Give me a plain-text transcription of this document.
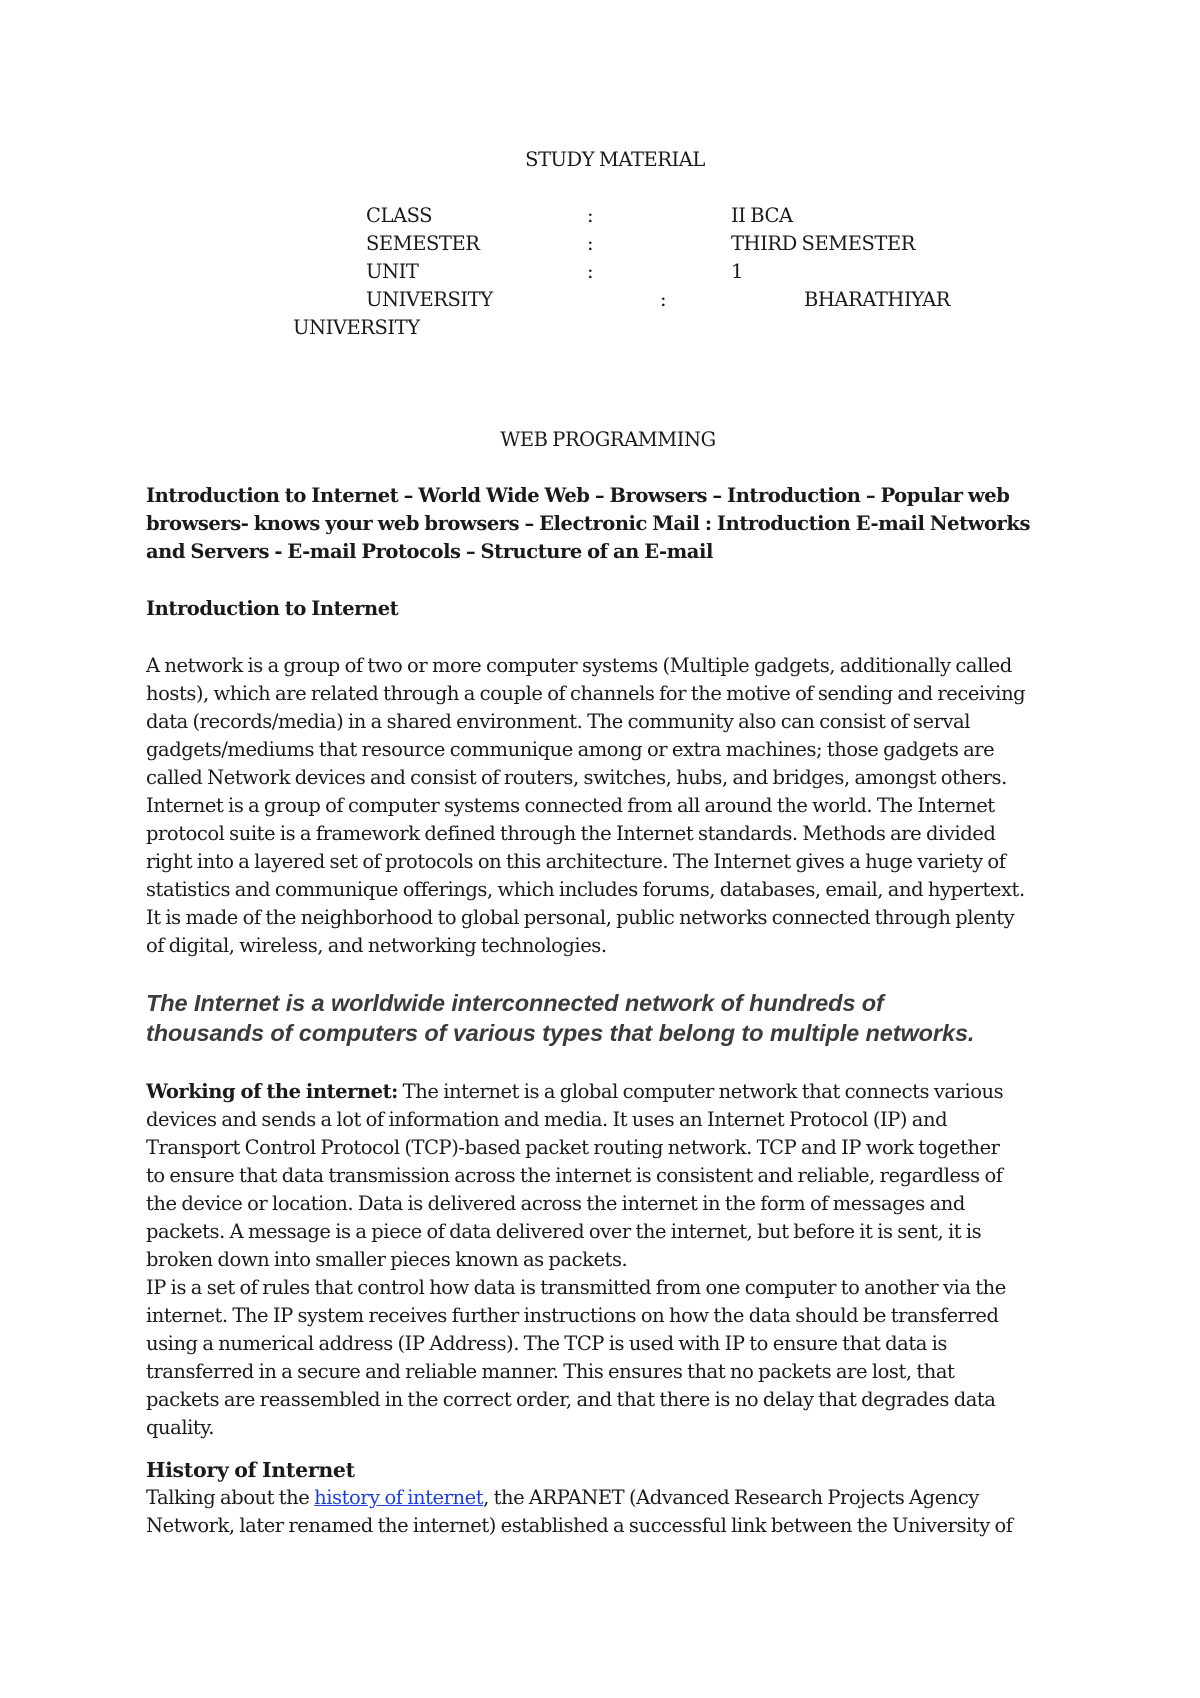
STUDY MATERIAL
CLASS	:	II BCA
SEMESTER	:	THIRD SEMESTER
UNIT	:	1
UNIVERSITY	:	BHARATHIYAR
UNIVERSITY
WEB PROGRAMMING
Introduction to Internet – World Wide Web – Browsers – Introduction – Popular web
browsers- knows your web browsers – Electronic Mail : Introduction E-mail Networks
and Servers - E-mail Protocols – Structure of an E-mail
Introduction to Internet
A network is a group of two or more computer systems (Multiple gadgets, additionally called
hosts), which are related through a couple of channels for the motive of sending and receiving
data (records/media) in a shared environment. The community also can consist of serval
gadgets/mediums that resource communique among or extra machines; those gadgets are
called Network devices and consist of routers, switches, hubs, and bridges, amongst others.
Internet is a group of computer systems connected from all around the world. The Internet
protocol suite is a framework defined through the Internet standards. Methods are divided
right into a layered set of protocols on this architecture. The Internet gives a huge variety of
statistics and communique offerings, which includes forums, databases, email, and hypertext.
It is made of the neighborhood to global personal, public networks connected through plenty
of digital, wireless, and networking technologies.
The Internet is a worldwide interconnected network of hundreds of
thousands of computers of various types that belong to multiple networks.
Working of the internet: The internet is a global computer network that connects various
devices and sends a lot of information and media. It uses an Internet Protocol (IP) and
Transport Control Protocol (TCP)-based packet routing network. TCP and IP work together
to ensure that data transmission across the internet is consistent and reliable, regardless of
the device or location. Data is delivered across the internet in the form of messages and
packets. A message is a piece of data delivered over the internet, but before it is sent, it is
broken down into smaller pieces known as packets.
IP is a set of rules that control how data is transmitted from one computer to another via the
internet. The IP system receives further instructions on how the data should be transferred
using a numerical address (IP Address). The TCP is used with IP to ensure that data is
transferred in a secure and reliable manner. This ensures that no packets are lost, that
packets are reassembled in the correct order, and that there is no delay that degrades data
quality.
History of Internet
Talking about the history of internet, the ARPANET (Advanced Research Projects Agency
Network, later renamed the internet) established a successful link between the University of
